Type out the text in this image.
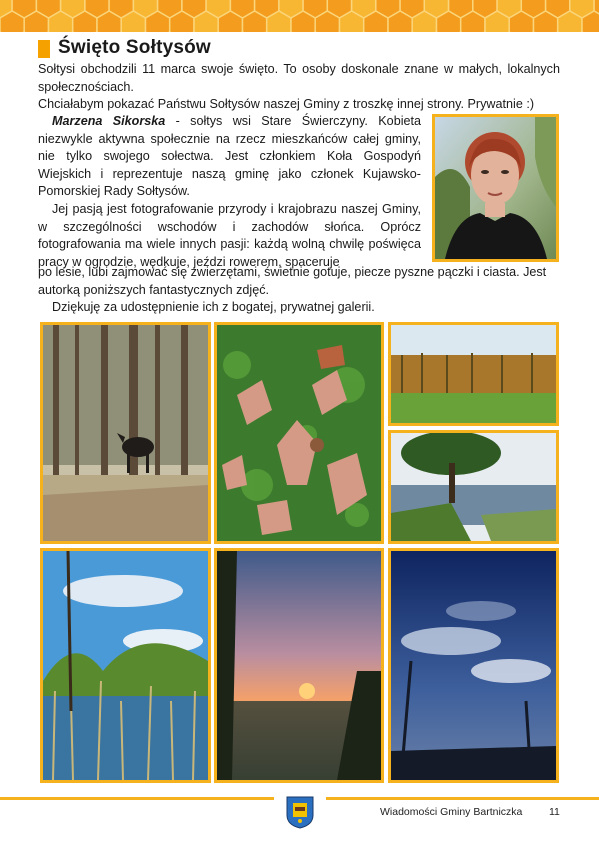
Święto Sołtysów
Sołtysi obchodzili 11 marca swoje święto. To osoby doskonale znane w małych, lokalnych społecznościach.
Chciałabym pokazać Państwu Sołtysów naszej Gminy z troszkę innej strony. Prywatnie :)
Marzena Sikorska - sołtys wsi Stare Świerczyny. Kobieta niezwykle aktywna społecznie na rzecz mieszkańców całej gminy, nie tylko swojego sołectwa. Jest członkiem Koła Gospodyń Wiejskich i reprezentuje naszą gminę jako członek Kujawsko-Pomorskiej Rady Sołtysów.
Jej pasją jest fotografowanie przyrody i krajobrazu naszej Gminy, w szczególności wschodów i zachodów słońca. Oprócz fotografowania ma wiele innych pasji: każdą wolną chwilę poświęca pracy w ogrodzie, wędkuje, jeździ rowerem, spaceruje
po lesie, lubi zajmować się zwierzętami, świetnie gotuje, piecze pyszne pączki i ciasta. Jest autorką poniższych fantastycznych zdjęć.
Dziękuję za udostępnienie ich z bogatej, prywatnej galerii.
Wiadomości Gminy Bartniczka	11
